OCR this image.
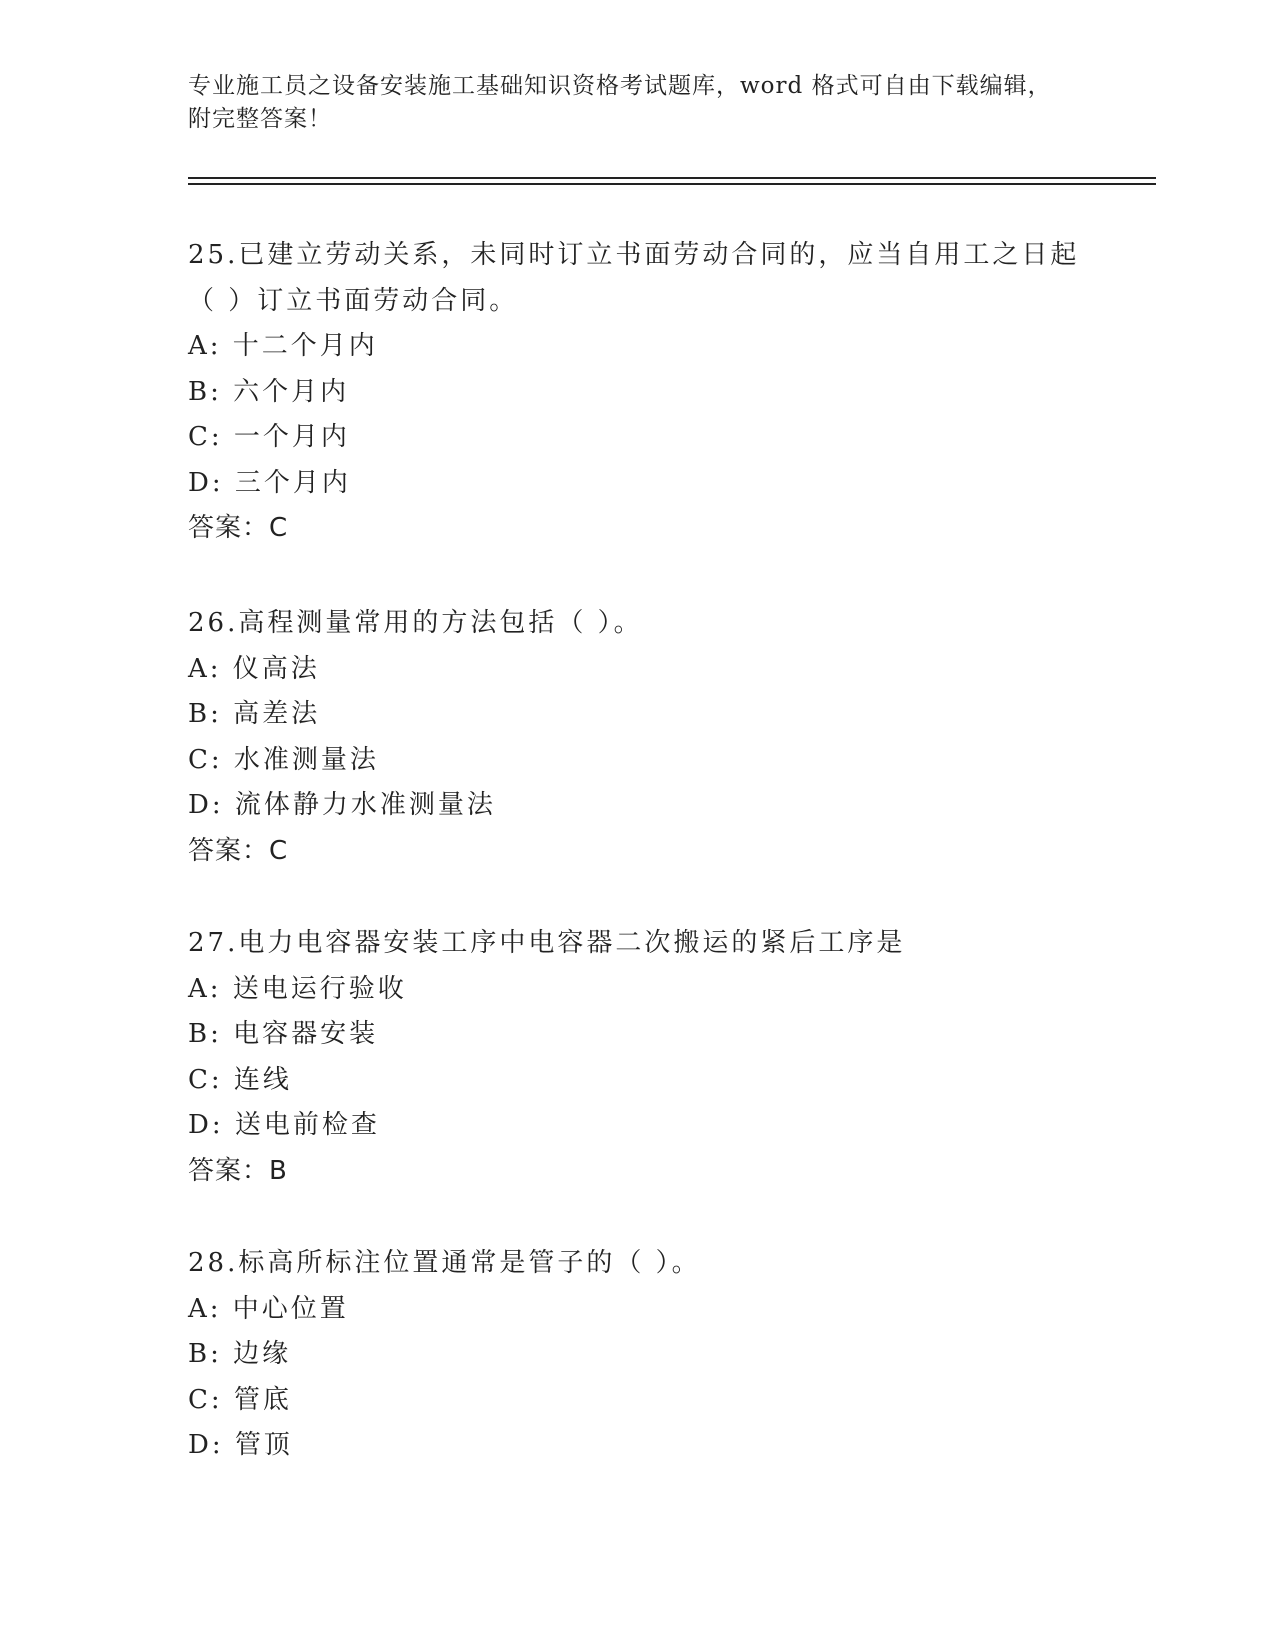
专业施工员之设备安装施工基础知识资格考试题库，word 格式可自由下载编辑，
附完整答案！
25.已建立劳动关系，未同时订立书面劳动合同的，应当自用工之日起
（ ）订立书面劳动合同。
A: 十二个月内
B: 六个月内
C: 一个月内
D: 三个月内
答案：C
26.高程测量常用的方法包括（ ）。
A: 仪高法
B: 高差法
C: 水准测量法
D: 流体静力水准测量法
答案：C
27.电力电容器安装工序中电容器二次搬运的紧后工序是
A: 送电运行验收
B: 电容器安装
C: 连线
D: 送电前检查
答案：B
28.标高所标注位置通常是管子的（ ）。
A: 中心位置
B: 边缘
C: 管底
D: 管顶
